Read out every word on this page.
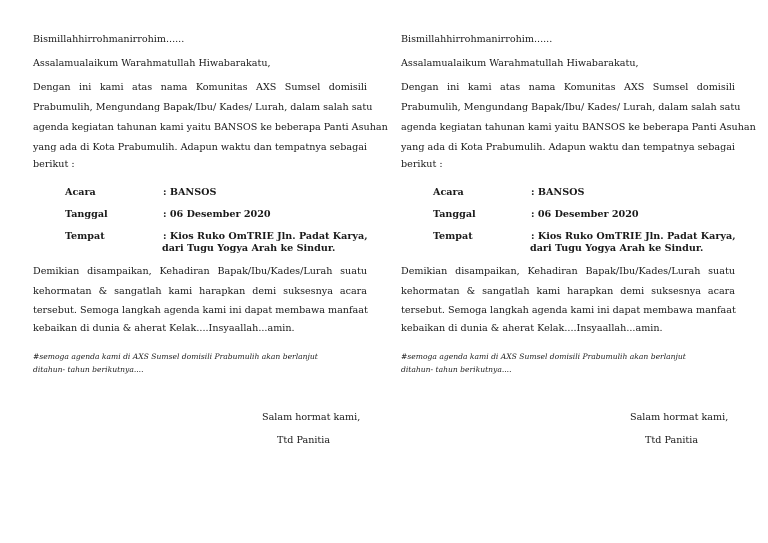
Bismillahhirrohmanirrohim......
Assalamualaikum Warahmatullah Hiwabarakatu,
Dengan ini kami atas nama Komunitas AXS Sumsel domisili
Prabumulih, Mengundang Bapak/Ibu/ Kades/ Lurah, dalam salah satu
agenda kegiatan tahunan kami yaitu BANSOS ke beberapa Panti Asuhan
yang ada di Kota Prabumulih. Adapun waktu dan tempatnya sebagai
berikut :
Acara	: BANSOS
Tanggal	: 06 Desember 2020
Tempat	: Kios Ruko OmTRIE Jln. Padat Karya,
dari Tugu Yogya Arah ke Sindur.
Demikian disampaikan, Kehadiran Bapak/Ibu/Kades/Lurah suatu
kehormatan & sangatlah kami harapkan demi suksesnya acara
tersebut. Semoga langkah agenda kami ini dapat membawa manfaat
kebaikan di dunia & aherat Kelak....Insyaallah...amin.
#semoga agenda kami di AXS Sumsel domisili Prabumulih akan berlanjut
ditahun- tahun berikutnya....
Salam hormat kami,
Ttd Panitia
Bismillahhirrohmanirrohim......
Assalamualaikum Warahmatullah Hiwabarakatu,
Dengan ini kami atas nama Komunitas AXS Sumsel domisili
Prabumulih, Mengundang Bapak/Ibu/ Kades/ Lurah, dalam salah satu
agenda kegiatan tahunan kami yaitu BANSOS ke beberapa Panti Asuhan
yang ada di Kota Prabumulih. Adapun waktu dan tempatnya sebagai
berikut :
Acara	: BANSOS
Tanggal	: 06 Desember 2020
Tempat	: Kios Ruko OmTRIE Jln. Padat Karya,
dari Tugu Yogya Arah ke Sindur.
Demikian disampaikan, Kehadiran Bapak/Ibu/Kades/Lurah suatu
kehormatan & sangatlah kami harapkan demi suksesnya acara
tersebut. Semoga langkah agenda kami ini dapat membawa manfaat
kebaikan di dunia & aherat Kelak....Insyaallah...amin.
#semoga agenda kami di AXS Sumsel domisili Prabumulih akan berlanjut
ditahun- tahun berikutnya....
Salam hormat kami,
Ttd Panitia
